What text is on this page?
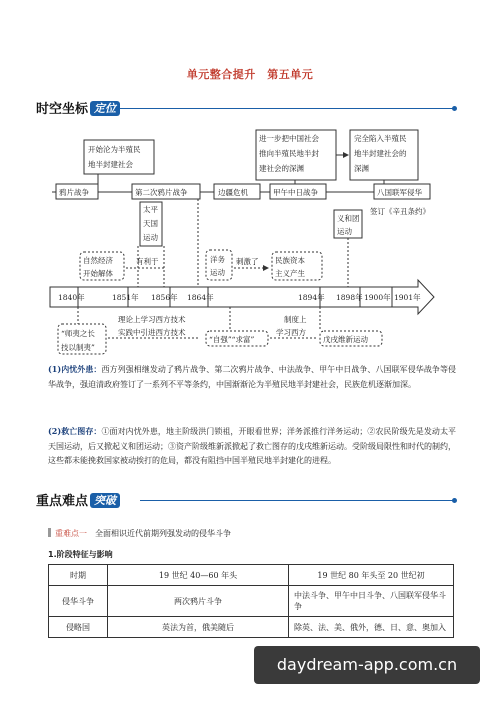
单元整合提升　第五单元
时空坐标 定位
开始沦为半殖民
地半封建社会
进一步把中国社会
推向半殖民地半封
建社会的深渊
完全陷入半殖民
地半封建社会的
深渊
鸦片战争	第二次鸦片战争	边疆危机	甲午中日战争	八国联军侵华
签订《辛丑条约》
义和团
运动
太平
天国
运动
自然经济
开始解体
有利于	洋务
运动
刺激了 民族资本
主义产生
1840年	1851年 1856年 1864年	1894年 1898年 1900年 1901年
“师夷之长
技以制夷”
理论上学习西方技术
实践中引进西方技术
“自强”“求富”
制度上
学习西方
戊戌维新运动
(1)内忧外患：西方列强相继发动了鸦片战争、第二次鸦片战争、中法战争、甲午中日战争、八国联军侵华战争等侵华战争，强迫清政府签订了一系列不平等条约，中国渐渐沦为半殖民地半封建社会，民族危机逐渐加深。
(2)救亡图存：①面对内忧外患，地主阶级洪门锁祖，开眼看世界；洋务派推行洋务运动；②农民阶级先是发动太平天国运动，后又掀起义和团运动；③资产阶级维新派掀起了救亡图存的戊戌维新运动。受阶级局限性和时代的制约，这些都未能挽救国家被动挨打的危局，都没有阻挡中国半殖民地半封建化的进程。
重点难点 突破
重难点一 全面相识近代前期列强发动的侵华斗争
1.阶段特征与影响
时期	19 世纪 40—60 年头	19 世纪 80 年头至 20 世纪初
侵华斗争	两次鸦片斗争	中法斗争、甲午中日斗争、八国联军侵华斗争
侵略国	英法为首，俄美随后	除英、法、美、俄外，德、日、意、奥加入
daydream-app.com.cn
